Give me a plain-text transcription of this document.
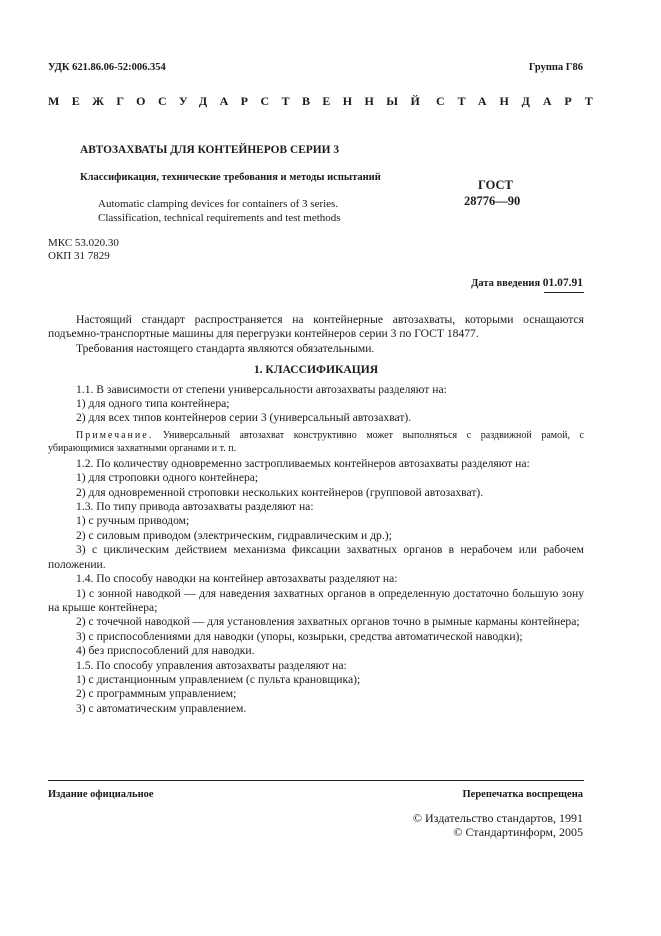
УДК 621.86.06-52:006.354	Группа Г86
МЕЖГОСУДАРСТВЕННЫЙ СТАНДАРТ
АВТОЗАХВАТЫ ДЛЯ КОНТЕЙНЕРОВ СЕРИИ 3
Классификация, технические требования и методы испытаний
ГОСТ
28776—90
Automatic clamping devices for containers of 3 series.
Classification, technical requirements and test methods
МКС 53.020.30
ОКП 31 7829
Дата введения 01.07.91
Настоящий стандарт распространяется на контейнерные автозахваты, которыми оснащаются подъемно-транспортные машины для перегрузки контейнеров серии 3 по ГОСТ 18477.
Требования настоящего стандарта являются обязательными.
1. КЛАССИФИКАЦИЯ
1.1. В зависимости от степени универсальности автозахваты разделяют на:
1) для одного типа контейнера;
2) для всех типов контейнеров серии 3 (универсальный автозахват).
Примечание. Универсальный автозахват конструктивно может выполняться с раздвижной рамой, с убирающимися захватными органами и т. п.
1.2. По количеству одновременно застропливаемых контейнеров автозахваты разделяют на:
1) для строповки одного контейнера;
2) для одновременной строповки нескольких контейнеров (групповой автозахват).
1.3. По типу привода автозахваты разделяют на:
1) с ручным приводом;
2) с силовым приводом (электрическим, гидравлическим и др.);
3) с циклическим действием механизма фиксации захватных органов в нерабочем или рабочем положении.
1.4. По способу наводки на контейнер автозахваты разделяют на:
1) с зонной наводкой — для наведения захватных органов в определенную достаточно большую зону на крыше контейнера;
2) с точечной наводкой — для установления захватных органов точно в рымные карманы контейнера;
3) с приспособлениями для наводки (упоры, козырьки, средства автоматической наводки);
4) без приспособлений для наводки.
1.5. По способу управления автозахваты разделяют на:
1) с дистанционным управлением (с пульта крановщика);
2) с программным управлением;
3) с автоматическим управлением.
Издание официальное	Перепечатка воспрещена
© Издательство стандартов, 1991
© Стандартинформ, 2005
